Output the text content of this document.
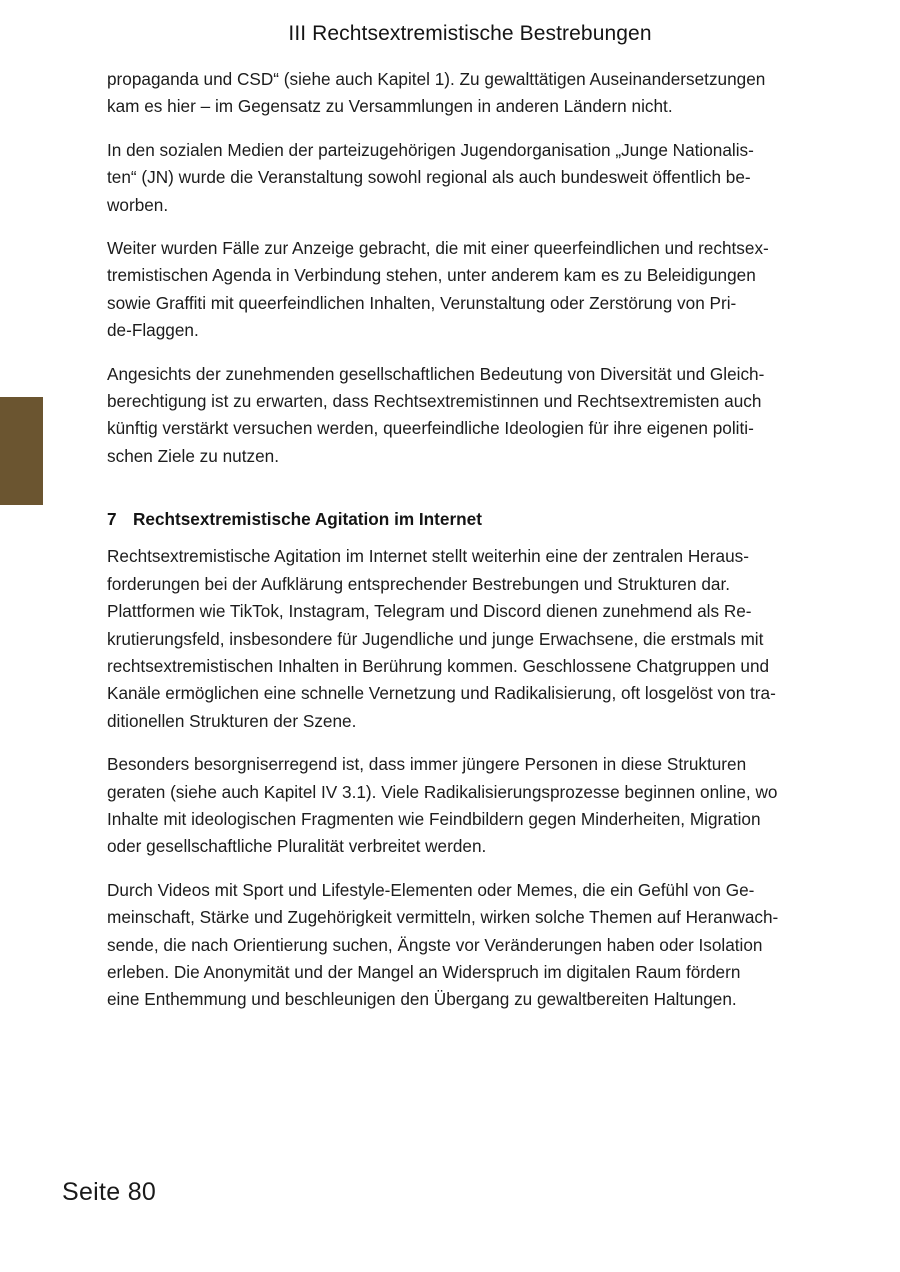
III Rechtsextremistische Bestrebungen

propaganda und CSD“ (siehe auch Kapitel 1). Zu gewalttätigen Auseinandersetzungen
kam es hier – im Gegensatz zu Versammlungen in anderen Ländern nicht.

In den sozialen Medien der parteizugehörigen Jugendorganisation „Junge Nationalis-
ten“ (JN) wurde die Veranstaltung sowohl regional als auch bundesweit öffentlich be-
worben.

Weiter wurden Fälle zur Anzeige gebracht, die mit einer queerfeindlichen und rechtsex-
tremistischen Agenda in Verbindung stehen, unter anderem kam es zu Beleidigungen
sowie Graffiti mit queerfeindlichen Inhalten, Verunstaltung oder Zerstörung von Pri-
de-Flaggen.

Angesichts der zunehmenden gesellschaftlichen Bedeutung von Diversität und Gleich-
berechtigung ist zu erwarten, dass Rechtsextremistinnen und Rechtsextremisten auch
künftig verstärkt versuchen werden, queerfeindliche Ideologien für ihre eigenen politi-
schen Ziele zu nutzen.

7 Rechtsextremistische Agitation im Internet

Rechtsextremistische Agitation im Internet stellt weiterhin eine der zentralen Heraus-
forderungen bei der Aufklärung entsprechender Bestrebungen und Strukturen dar.
Plattformen wie TikTok, Instagram, Telegram und Discord dienen zunehmend als Re-
krutierungsfeld, insbesondere für Jugendliche und junge Erwachsene, die erstmals mit
rechtsextremistischen Inhalten in Berührung kommen. Geschlossene Chatgruppen und
Kanäle ermöglichen eine schnelle Vernetzung und Radikalisierung, oft losgelöst von tra-
ditionellen Strukturen der Szene.

Besonders besorgniserregend ist, dass immer jüngere Personen in diese Strukturen
geraten (siehe auch Kapitel IV 3.1). Viele Radikalisierungsprozesse beginnen online, wo
Inhalte mit ideologischen Fragmenten wie Feindbildern gegen Minderheiten, Migration
oder gesellschaftliche Pluralität verbreitet werden.

Durch Videos mit Sport und Lifestyle-Elementen oder Memes, die ein Gefühl von Ge-
meinschaft, Stärke und Zugehörigkeit vermitteln, wirken solche Themen auf Heranwach-
sende, die nach Orientierung suchen, Ängste vor Veränderungen haben oder Isolation
erleben. Die Anonymität und der Mangel an Widerspruch im digitalen Raum fördern
eine Enthemmung und beschleunigen den Übergang zu gewaltbereiten Haltungen.

Seite 80
